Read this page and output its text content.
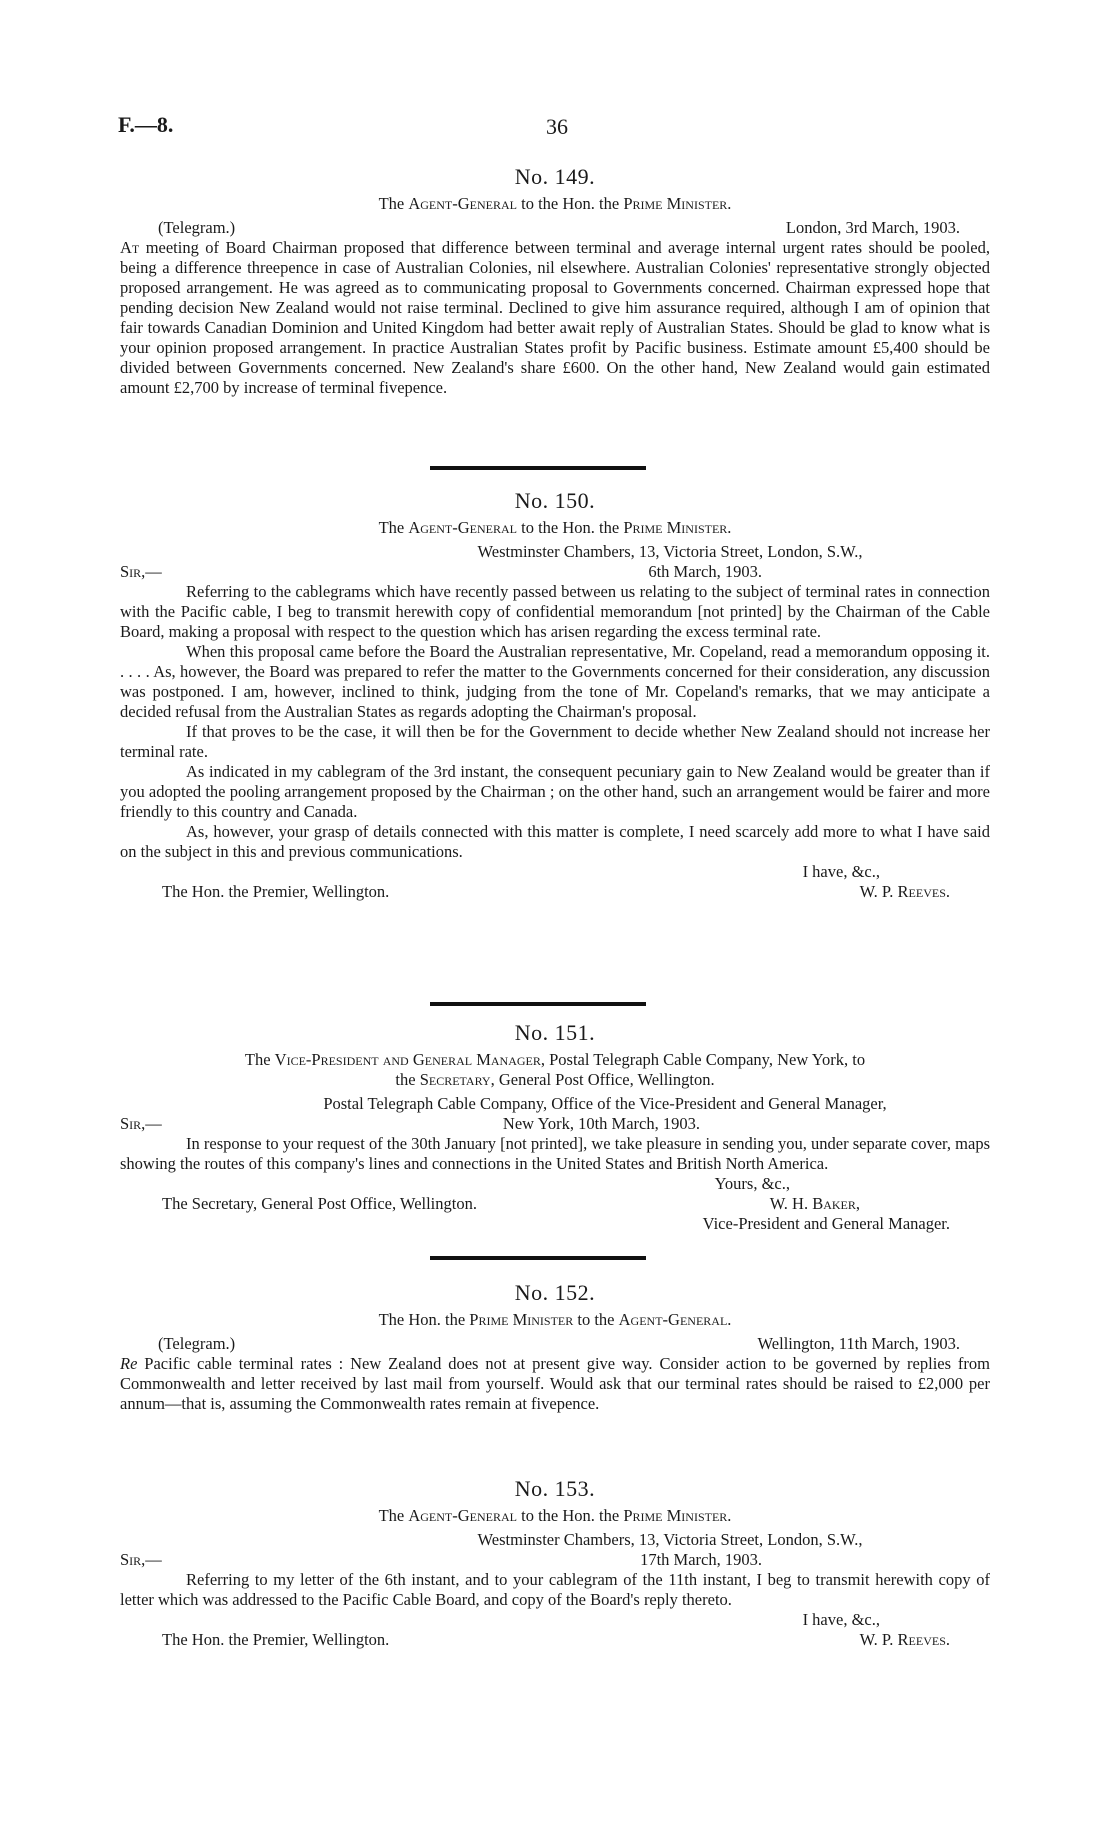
F.—8.	36

No. 149.

The Agent-General to the Hon. the Prime Minister.

(Telegram.)	London, 3rd March, 1903.

At meeting of Board Chairman proposed that difference between terminal and average internal urgent rates should be pooled, being a difference threepence in case of Australian Colonies, nil elsewhere. Australian Colonies' representative strongly objected proposed arrangement. He was agreed as to communicating proposal to Governments concerned. Chairman expressed hope that pending decision New Zealand would not raise terminal. Declined to give him assurance required, although I am of opinion that fair towards Canadian Dominion and United Kingdom had better await reply of Australian States. Should be glad to know what is your opinion proposed arrangement. In practice Australian States profit by Pacific business. Estimate amount £5,400 should be divided between Governments concerned. New Zealand's share £600. On the other hand, New Zealand would gain estimated amount £2,700 by increase of terminal fivepence.

No. 150.

The Agent-General to the Hon. the Prime Minister.

Westminster Chambers, 13, Victoria Street, London, S.W.,
Sir,—	6th March, 1903.

Referring to the cablegrams which have recently passed between us relating to the subject of terminal rates in connection with the Pacific cable, I beg to transmit herewith copy of confidential memorandum [not printed] by the Chairman of the Cable Board, making a proposal with respect to the question which has arisen regarding the excess terminal rate.

When this proposal came before the Board the Australian representative, Mr. Copeland, read a memorandum opposing it. . . . . As, however, the Board was prepared to refer the matter to the Governments concerned for their consideration, any discussion was postponed. I am, however, inclined to think, judging from the tone of Mr. Copeland's remarks, that we may anticipate a decided refusal from the Australian States as regards adopting the Chairman's proposal.

If that proves to be the case, it will then be for the Government to decide whether New Zealand should not increase her terminal rate.

As indicated in my cablegram of the 3rd instant, the consequent pecuniary gain to New Zealand would be greater than if you adopted the pooling arrangement proposed by the Chairman ; on the other hand, such an arrangement would be fairer and more friendly to this country and Canada.

As, however, your grasp of details connected with this matter is complete, I need scarcely add more to what I have said on the subject in this and previous communications.

I have, &c.,
The Hon. the Premier, Wellington.	W. P. Reeves.

No. 151.

The Vice-President and General Manager, Postal Telegraph Cable Company, New York, to

the Secretary, General Post Office, Wellington.

Postal Telegraph Cable Company, Office of the Vice-President and General Manager,
Sir,—	New York, 10th March, 1903.

In response to your request of the 30th January [not printed], we take pleasure in sending you, under separate cover, maps showing the routes of this company's lines and connections in the United States and British North America.

Yours, &c.,
The Secretary, General Post Office, Wellington.	W. H. Baker,
Vice-President and General Manager.

No. 152.

The Hon. the Prime Minister to the Agent-General.

(Telegram.)	Wellington, 11th March, 1903.

Re Pacific cable terminal rates : New Zealand does not at present give way. Consider action to be governed by replies from Commonwealth and letter received by last mail from yourself. Would ask that our terminal rates should be raised to £2,000 per annum—that is, assuming the Commonwealth rates remain at fivepence.

No. 153.

The Agent-General to the Hon. the Prime Minister.

Westminster Chambers, 13, Victoria Street, London, S.W.,
Sir,—	17th March, 1903.

Referring to my letter of the 6th instant, and to your cablegram of the 11th instant, I beg to transmit herewith copy of letter which was addressed to the Pacific Cable Board, and copy of the Board's reply thereto.

I have, &c.,
The Hon. the Premier, Wellington.	W. P. Reeves.
